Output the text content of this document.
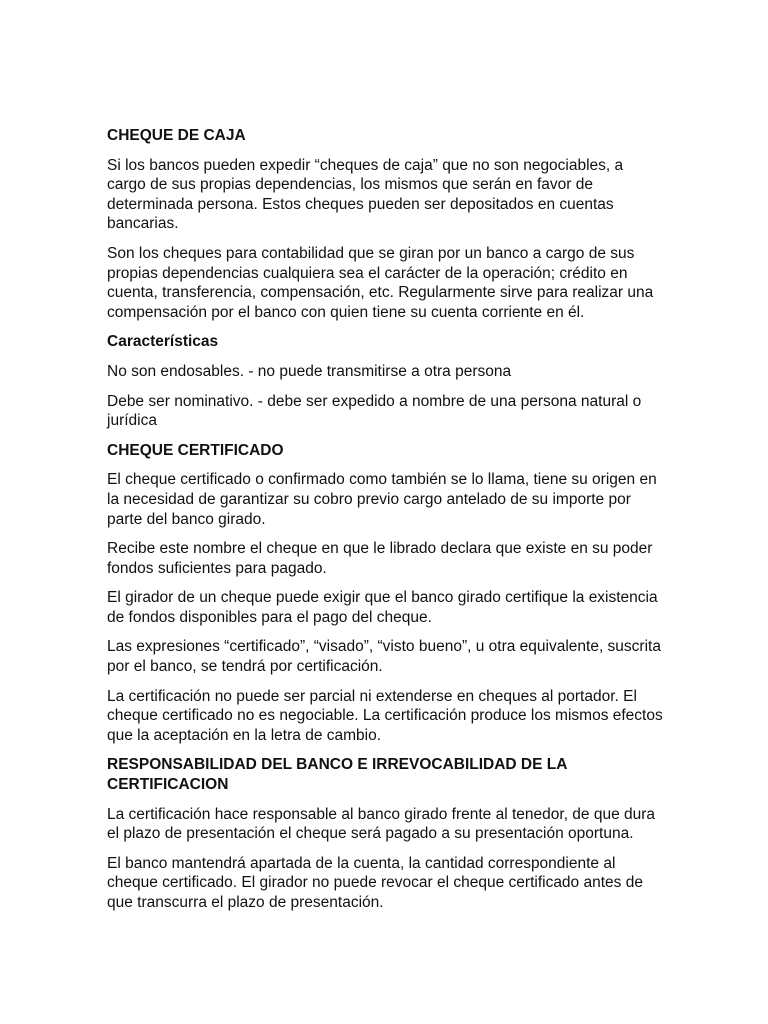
CHEQUE DE CAJA
Si los bancos pueden expedir “cheques de caja” que no son negociables, a cargo de sus propias dependencias, los mismos que serán en favor de determinada persona. Estos cheques pueden ser depositados en cuentas bancarias.
Son los cheques para contabilidad que se giran por un banco a cargo de sus propias dependencias cualquiera sea el carácter de la operación; crédito en cuenta, transferencia, compensación, etc. Regularmente sirve para realizar una compensación por el banco con quien tiene su cuenta corriente en él.
Características
No son endosables. - no puede transmitirse a otra persona
Debe ser nominativo. - debe ser expedido a nombre de una persona natural o jurídica
CHEQUE CERTIFICADO
El cheque certificado o confirmado como también se lo llama, tiene su origen en la necesidad de garantizar su cobro previo cargo antelado de su importe por parte del banco girado.
Recibe este nombre el cheque en que le librado declara que existe en su poder fondos suficientes para pagado.
El girador de un cheque puede exigir que el banco girado certifique la existencia de fondos disponibles para el pago del cheque.
Las expresiones “certificado”, “visado”, “visto bueno”, u otra equivalente, suscrita por el banco, se tendrá por certificación.
La certificación no puede ser parcial ni extenderse en cheques al portador. El cheque certificado no es negociable. La certificación produce los mismos efectos que la aceptación en la letra de cambio.
RESPONSABILIDAD DEL BANCO E IRREVOCABILIDAD DE LA CERTIFICACION
La certificación hace responsable al banco girado frente al tenedor, de que dura el plazo de presentación el cheque será pagado a su presentación oportuna.
El banco mantendrá apartada de la cuenta, la cantidad correspondiente al cheque certificado. El girador no puede revocar el cheque certificado antes de que transcurra el plazo de presentación.
